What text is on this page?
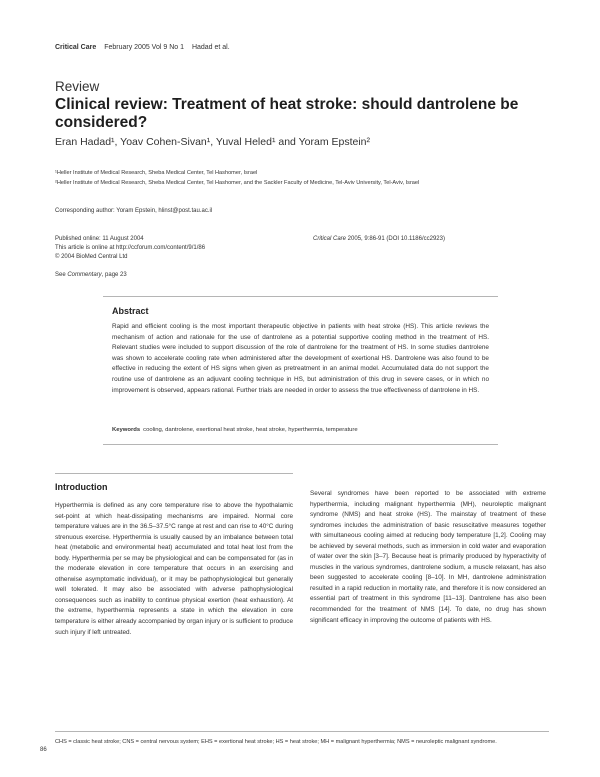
Critical Care February 2005 Vol 9 No 1 Hadad et al.
Review
Clinical review: Treatment of heat stroke: should dantrolene be considered?
Eran Hadad¹, Yoav Cohen-Sivan¹, Yuval Heled¹ and Yoram Epstein²
¹Heller Institute of Medical Research, Sheba Medical Center, Tel Hashomer, Israel
²Heller Institute of Medical Research, Sheba Medical Center, Tel Hashomer, and the Sackler Faculty of Medicine, Tel-Aviv University, Tel-Aviv, Israel
Corresponding author: Yoram Epstein, hlinst@post.tau.ac.il
Published online: 11 August 2004
This article is online at http://ccforum.com/content/9/1/86
© 2004 BioMed Central Ltd
Critical Care 2005, 9:86-91 (DOI 10.1186/cc2923)
See Commentary, page 23
Abstract
Rapid and efficient cooling is the most important therapeutic objective in patients with heat stroke (HS). This article reviews the mechanism of action and rationale for the use of dantrolene as a potential supportive cooling method in the treatment of HS. Relevant studies were included to support discussion of the role of dantrolene for the treatment of HS. In some studies dantrolene was shown to accelerate cooling rate when administered after the development of exertional HS. Dantrolene was also found to be effective in reducing the extent of HS signs when given as pretreatment in an animal model. Accumulated data do not support the routine use of dantrolene as an adjuvant cooling technique in HS, but administration of this drug in severe cases, or in which no improvement is observed, appears rational. Further trials are needed in order to assess the true effectiveness of dantrolene in HS.
Keywords cooling, dantrolene, exertional heat stroke, heat stroke, hyperthermia, temperature
Introduction
Hyperthermia is defined as any core temperature rise to above the hypothalamic set-point at which heat-dissipating mechanisms are impaired. Normal core temperature values are in the 36.5–37.5°C range at rest and can rise to 40°C during strenuous exercise. Hyperthermia is usually caused by an imbalance between total heat (metabolic and environmental heat) accumulated and total heat lost from the body. Hyperthermia per se may be physiological and can be compensated for (as in the moderate elevation in core temperature that occurs in an exercising and otherwise asymptomatic individual), or it may be pathophysiological but generally well tolerated. It may also be associated with adverse pathophysiological consequences such as inability to continue physical exertion (heat exhaustion). At the extreme, hyperthermia represents a state in which the elevation in core temperature is either already accompanied by organ injury or is sufficient to produce such injury if left untreated.
Several syndromes have been reported to be associated with extreme hyperthermia, including malignant hyperthermia (MH), neuroleptic malignant syndrome (NMS) and heat stroke (HS). The mainstay of treatment of these syndromes includes the administration of basic resuscitative measures together with simultaneous cooling aimed at reducing body temperature [1,2]. Cooling may be achieved by several methods, such as immersion in cold water and evaporation of water over the skin [3–7]. Because heat is primarily produced by hyperactivity of muscles in the various syndromes, dantrolene sodium, a muscle relaxant, has also been suggested to accelerate cooling [8–10]. In MH, dantrolene administration resulted in a rapid reduction in mortality rate, and therefore it is now considered an essential part of treatment in this syndrome [11–13]. Dantrolene has also been recommended for the treatment of NMS [14]. To date, no drug has shown significant efficacy in improving the outcome of patients with HS.
CHS = classic heat stroke; CNS = central nervous system; EHS = exertional heat stroke; HS = heat stroke; MH = malignant hyperthermia; NMS = neuroleptic malignant syndrome.
86
